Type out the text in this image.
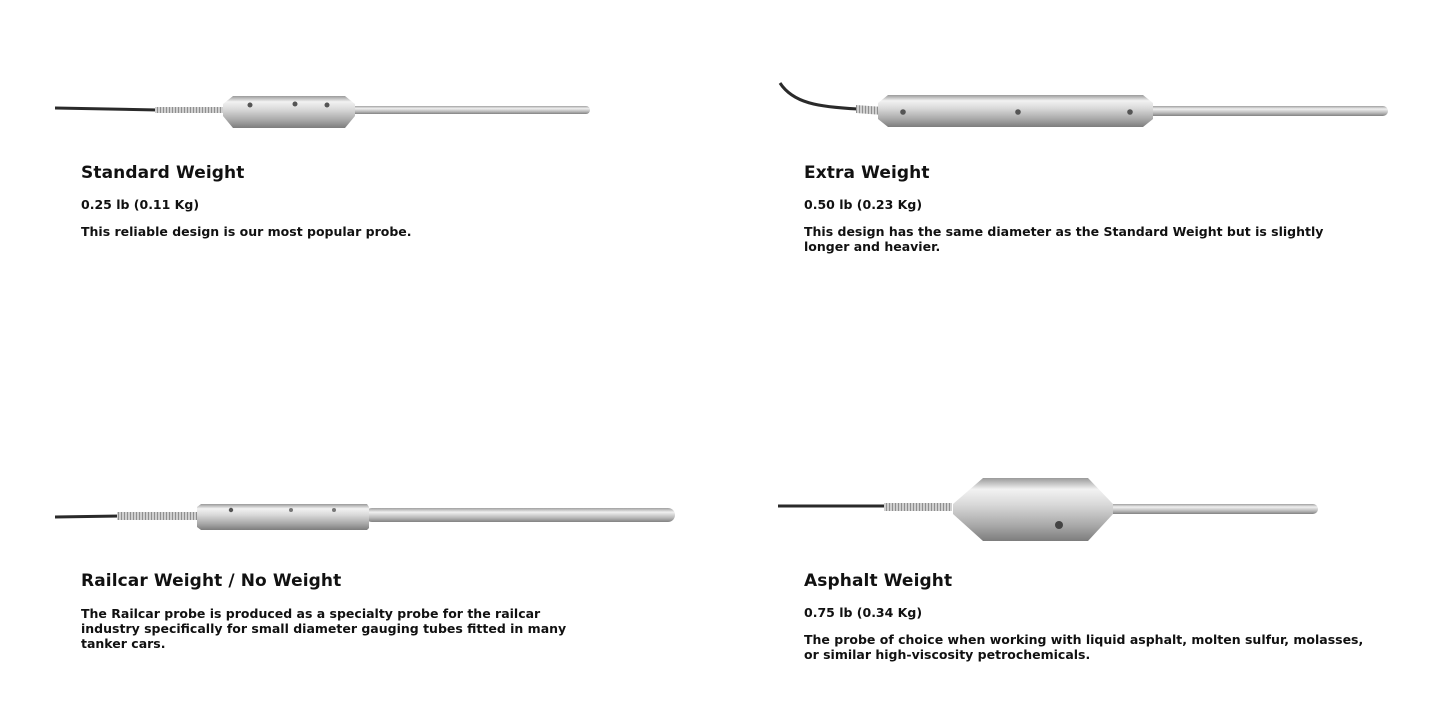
Standard Weight

0.25 lb (0.11 Kg)

This reliable design is our most popular probe.

Extra Weight

0.50 lb (0.23 Kg)

This design has the same diameter as the Standard Weight but is slightly longer and heavier.

Railcar Weight / No Weight

The Railcar probe is produced as a specialty probe for the railcar industry specifically for small diameter gauging tubes fitted in many tanker cars.

Asphalt Weight

0.75 lb (0.34 Kg)

The probe of choice when working with liquid asphalt, molten sulfur, molasses, or similar high-viscosity petrochemicals.
